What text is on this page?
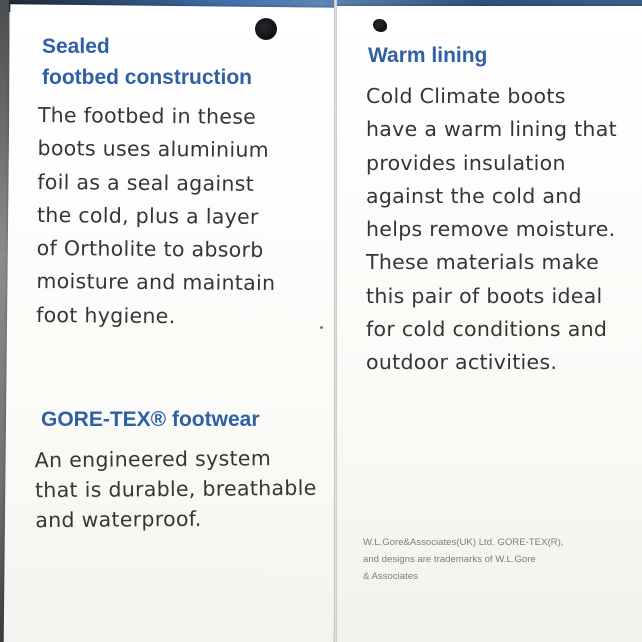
Sealed
footbed construction

The footbed in these
boots uses aluminium
foil as a seal against
the cold, plus a layer
of Ortholite to absorb
moisture and maintain
foot hygiene.

GORE-TEX® footwear

An engineered system
that is durable, breathable
and waterproof.

Warm lining

Cold Climate boots
have a warm lining that
provides insulation
against the cold and
helps remove moisture.
These materials make
this pair of boots ideal
for cold conditions and
outdoor activities.

W.L.Gore&Associates(UK) Ltd. GORE-TEX(R),
and designs are trademarks of W.L.Gore
& Associates
